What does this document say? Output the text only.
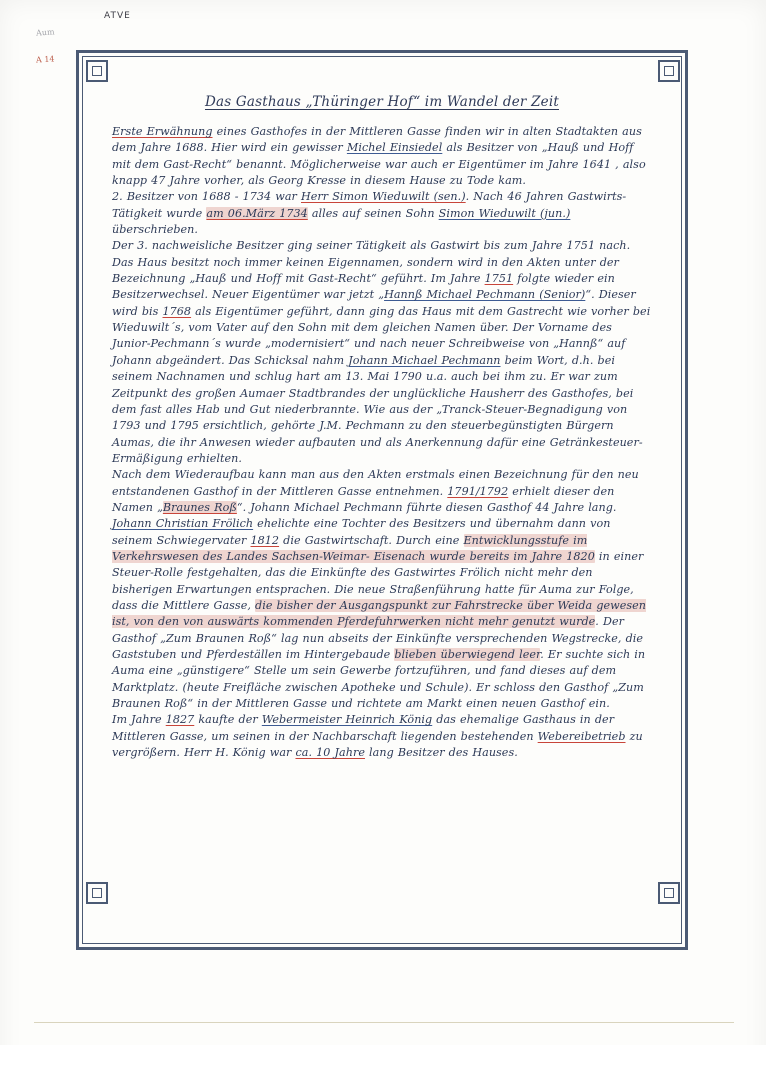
ATVE
Aum
A 14
Das Gasthaus „Thüringer Hof“ im Wandel der Zeit
Erste Erwähnung eines Gasthofes in der Mittleren Gasse finden wir in alten Stadtakten aus dem Jahre 1688. Hier wird ein gewisser Michel Einsiedel als Besitzer von „Hauß und Hoff mit dem Gast-Recht“ benannt. Möglicherweise war auch er Eigentümer im Jahre 1641 , also knapp 47 Jahre vorher, als Georg Kresse in diesem Hause zu Tode kam.
2. Besitzer von 1688 - 1734 war Herr Simon Wieduwilt (sen.). Nach 46 Jahren Gastwirts-Tätigkeit wurde am 06.März 1734 alles auf seinen Sohn Simon Wieduwilt (jun.) überschrieben.
Der 3. nachweisliche Besitzer ging seiner Tätigkeit als Gastwirt bis zum Jahre 1751 nach. Das Haus besitzt noch immer keinen Eigennamen, sondern wird in den Akten unter der Bezeichnung „Hauß und Hoff mit Gast-Recht“ geführt. Im Jahre 1751 folgte wieder ein Besitzerwechsel. Neuer Eigentümer war jetzt „Hannß Michael Pechmann (Senior)“. Dieser wird bis 1768 als Eigentümer geführt, dann ging das Haus mit dem Gastrecht wie vorher bei Wieduwilt´s, vom Vater auf den Sohn mit dem gleichen Namen über. Der Vorname des Junior-Pechmann´s wurde „modernisiert“ und nach neuer Schreibweise von „Hannß“ auf Johann abgeändert. Das Schicksal nahm Johann Michael Pechmann beim Wort, d.h. bei seinem Nachnamen und schlug hart am 13. Mai 1790 u.a. auch bei ihm zu. Er war zum Zeitpunkt des großen Aumaer Stadtbrandes der unglückliche Hausherr des Gasthofes, bei dem fast alles Hab und Gut niederbrannte. Wie aus der „Tranck-Steuer-Begnadigung von 1793 und 1795 ersichtlich, gehörte J.M. Pechmann zu den steuerbegünstigten Bürgern Aumas, die ihr Anwesen wieder aufbauten und als Anerkennung dafür eine Getränkesteuer-Ermäßigung erhielten.
Nach dem Wiederaufbau kann man aus den Akten erstmals einen Bezeichnung für den neu entstandenen Gasthof in der Mittleren Gasse entnehmen. 1791/1792 erhielt dieser den Namen „Braunes Roß“. Johann Michael Pechmann führte diesen Gasthof 44 Jahre lang. Johann Christian Frölich ehelichte eine Tochter des Besitzers und übernahm dann von seinem Schwiegervater 1812 die Gastwirtschaft. Durch eine Entwicklungsstufe im Verkehrswesen des Landes Sachsen-Weimar- Eisenach wurde bereits im Jahre 1820 in einer Steuer-Rolle festgehalten, das die Einkünfte des Gastwirtes Frölich nicht mehr den bisherigen Erwartungen entsprachen. Die neue Straßenführung hatte für Auma zur Folge, dass die Mittlere Gasse, die bisher der Ausgangspunkt zur Fahrstrecke über Weida gewesen ist, von den von auswärts kommenden Pferdefuhrwerken nicht mehr genutzt wurde. Der Gasthof „Zum Braunen Roß“ lag nun abseits der Einkünfte versprechenden Wegstrecke, die Gaststuben und Pferdeställen im Hintergebaude blieben überwiegend leer. Er suchte sich in Auma eine „günstigere“ Stelle um sein Gewerbe fortzuführen, und fand dieses auf dem Marktplatz. (heute Freifläche zwischen Apotheke und Schule). Er schloss den Gasthof „Zum Braunen Roß“ in der Mittleren Gasse und richtete am Markt einen neuen Gasthof ein.
Im Jahre 1827 kaufte der Webermeister Heinrich König das ehemalige Gasthaus in der Mittleren Gasse, um seinen in der Nachbarschaft liegenden bestehenden Webereibetrieb zu vergrößern. Herr H. König war ca. 10 Jahre lang Besitzer des Hauses.
